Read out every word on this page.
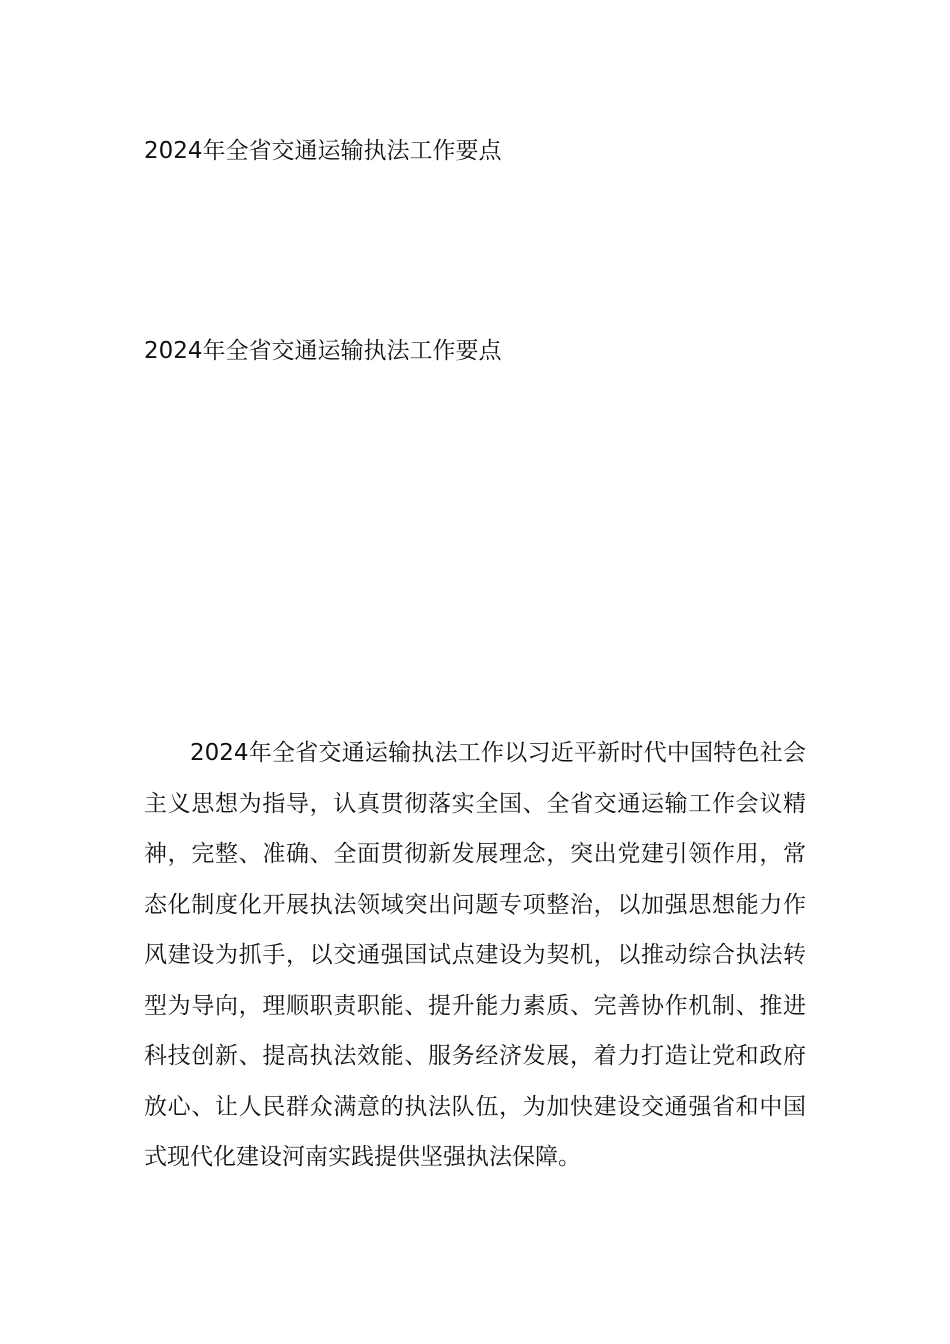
2024年全省交通运输执法工作要点
2024年全省交通运输执法工作要点

2024年全省交通运输执法工作以习近平新时代中国特色社会主义思想为指导，认真贯彻落实全国、全省交通运输工作会议精神，完整、准确、全面贯彻新发展理念，突出党建引领作用，常态化制度化开展执法领域突出问题专项整治，以加强思想能力作风建设为抓手，以交通强国试点建设为契机，以推动综合执法转型为导向，理顺职责职能、提升能力素质、完善协作机制、推进科技创新、提高执法效能、服务经济发展，着力打造让党和政府放心、让人民群众满意的执法队伍，为加快建设交通强省和中国式现代化建设河南实践提供坚强执法保障。
